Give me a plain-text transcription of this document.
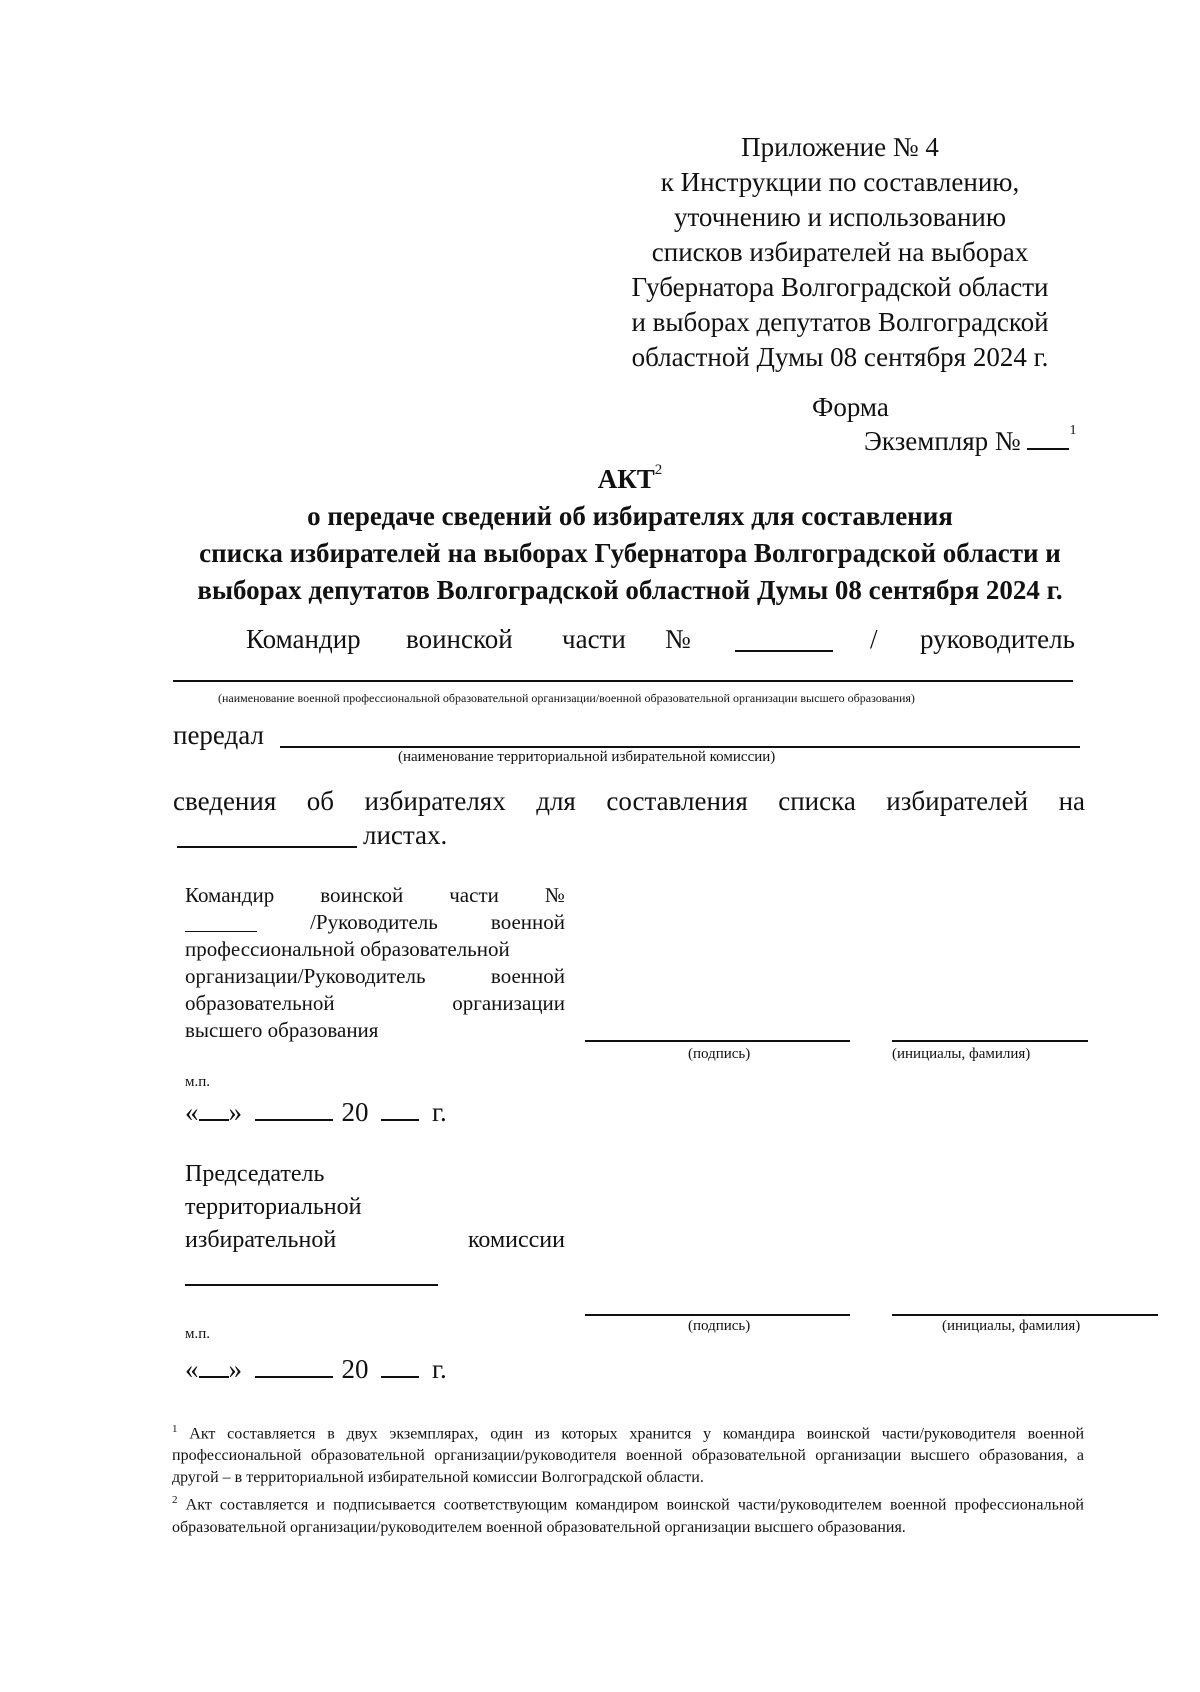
Приложение № 4
к Инструкции по составлению,
уточнению и использованию
списков избирателей на выборах
Губернатора Волгоградской области
и выборах депутатов Волгоградской
областной Думы 08 сентября 2024 г.
Форма
Экземпляр №	$^1$
АКТ$^2$
о передаче сведений об избирателях для составления
списка избирателей на выборах Губернатора Волгоградской области и
выборах депутатов Волгоградской областной Думы 08 сентября 2024 г.
Командир воинской части №	/ руководитель
(наименование военной профессиональной образовательной организации/военной образовательной организации высшего образования)
передал
(наименование территориальной избирательной комиссии)
сведения об избирателях для составления списка избирателей на
листах.
Командир воинской части №
/Руководитель	военной
профессиональной образовательной
организации/Руководитель	военной
образовательной	организации
высшего образования
(подпись)	(инициалы, фамилия)
м.п.
« »	20 г.
Председатель
территориальной
избирательной	комиссии
(подпись)	(инициалы, фамилия)
м.п.
« »	20 г.

$^1$ Акт составляется в двух экземплярах, один из которых хранится у командира воинской части/руководителя военной профессиональной образовательной организации/руководителя военной образовательной организации высшего образования, а другой – в территориальной избирательной комиссии Волгоградской области.

$^2$ Акт составляется и подписывается соответствующим командиром воинской части/руководителем военной профессиональной образовательной организации/руководителем военной образовательной организации высшего образования.
